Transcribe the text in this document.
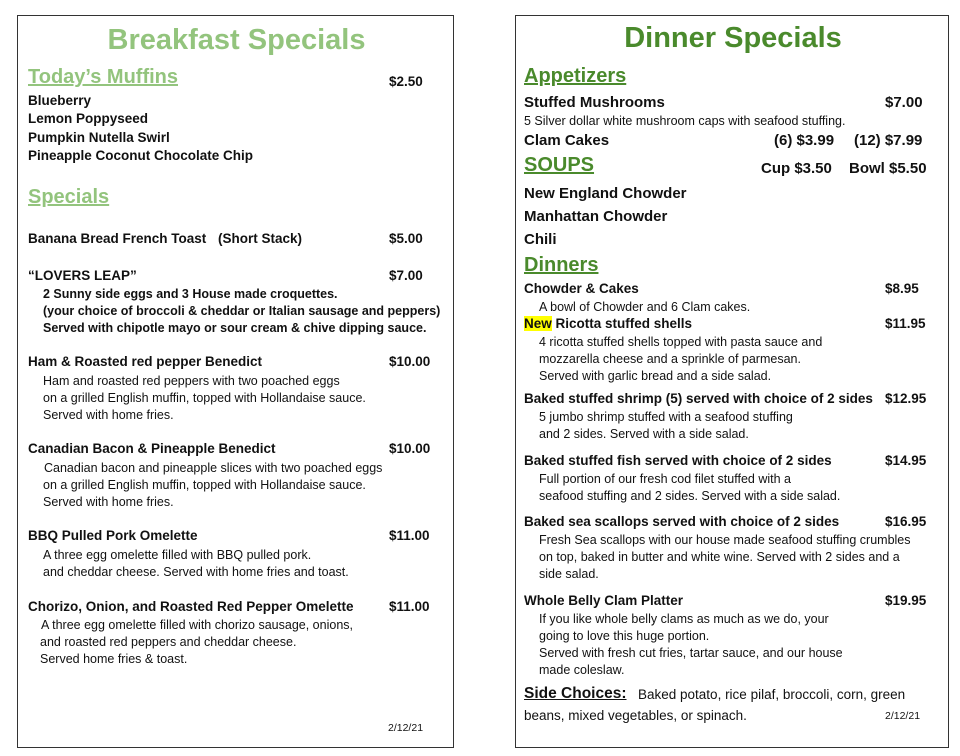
Breakfast Specials
Today’s Muffins	$2.50
Blueberry
Lemon Poppyseed
Pumpkin Nutella Swirl
Pineapple Coconut Chocolate Chip
Specials
Banana Bread French Toast (Short Stack)	$5.00
“LOVERS LEAP”	$7.00
2 Sunny side eggs and 3 House made croquettes.
(your choice of broccoli & cheddar or Italian sausage and peppers)
Served with chipotle mayo or sour cream & chive dipping sauce.
Ham & Roasted red pepper Benedict	$10.00
Ham and roasted red peppers with two poached eggs
on a grilled English muffin, topped with Hollandaise sauce.
Served with home fries.
Canadian Bacon & Pineapple Benedict	$10.00
Canadian bacon and pineapple slices with two poached eggs
on a grilled English muffin, topped with Hollandaise sauce.
Served with home fries.
BBQ Pulled Pork Omelette	$11.00
A three egg omelette filled with BBQ pulled pork.
and cheddar cheese. Served with home fries and toast.
Chorizo, Onion, and Roasted Red Pepper Omelette	$11.00
A three egg omelette filled with chorizo sausage, onions,
and roasted red peppers and cheddar cheese.
Served home fries & toast.
2/12/21
Dinner Specials
Appetizers
Stuffed Mushrooms	$7.00
5 Silver dollar white mushroom caps with seafood stuffing.
Clam Cakes	(6) $3.99 (12) $7.99
SOUPS	Cup $3.50 Bowl $5.50
New England Chowder
Manhattan Chowder
Chili
Dinners
Chowder & Cakes	$8.95
A bowl of Chowder and 6 Clam cakes.
New Ricotta stuffed shells	$11.95
4 ricotta stuffed shells topped with pasta sauce and
mozzarella cheese and a sprinkle of parmesan.
Served with garlic bread and a side salad.
Baked stuffed shrimp (5) served with choice of 2 sides $12.95
5 jumbo shrimp stuffed with a seafood stuffing
and 2 sides. Served with a side salad.
Baked stuffed fish served with choice of 2 sides	$14.95
Full portion of our fresh cod filet stuffed with a
seafood stuffing and 2 sides. Served with a side salad.
Baked sea scallops served with choice of 2 sides	$16.95
Fresh Sea scallops with our house made seafood stuffing crumbles
on top, baked in butter and white wine. Served with 2 sides and a
side salad.
Whole Belly Clam Platter	$19.95
If you like whole belly clams as much as we do, your
going to love this huge portion.
Served with fresh cut fries, tartar sauce, and our house
made coleslaw.
Side Choices: Baked potato, rice pilaf, broccoli, corn, green
beans, mixed vegetables, or spinach.	2/12/21
